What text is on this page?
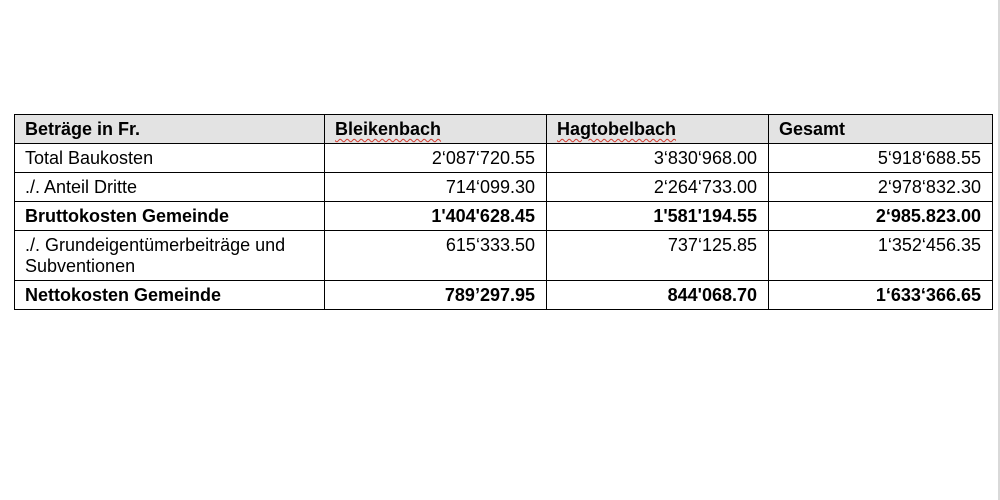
Beträge in Fr.	Bleikenbach	Hagtobelbach	Gesamt
Total Baukosten	2‘087‘720.55	3‘830‘968.00	5‘918‘688.55
./. Anteil Dritte	714‘099.30	2‘264‘733.00	2‘978‘832.30
Bruttokosten Gemeinde	1'404'628.45	1'581'194.55	2‘985.823.00
./. Grundeigentümerbeiträge und Subventionen	615‘333.50	737‘125.85	1‘352‘456.35
Nettokosten Gemeinde	789’297.95	844'068.70	1‘633‘366.65
